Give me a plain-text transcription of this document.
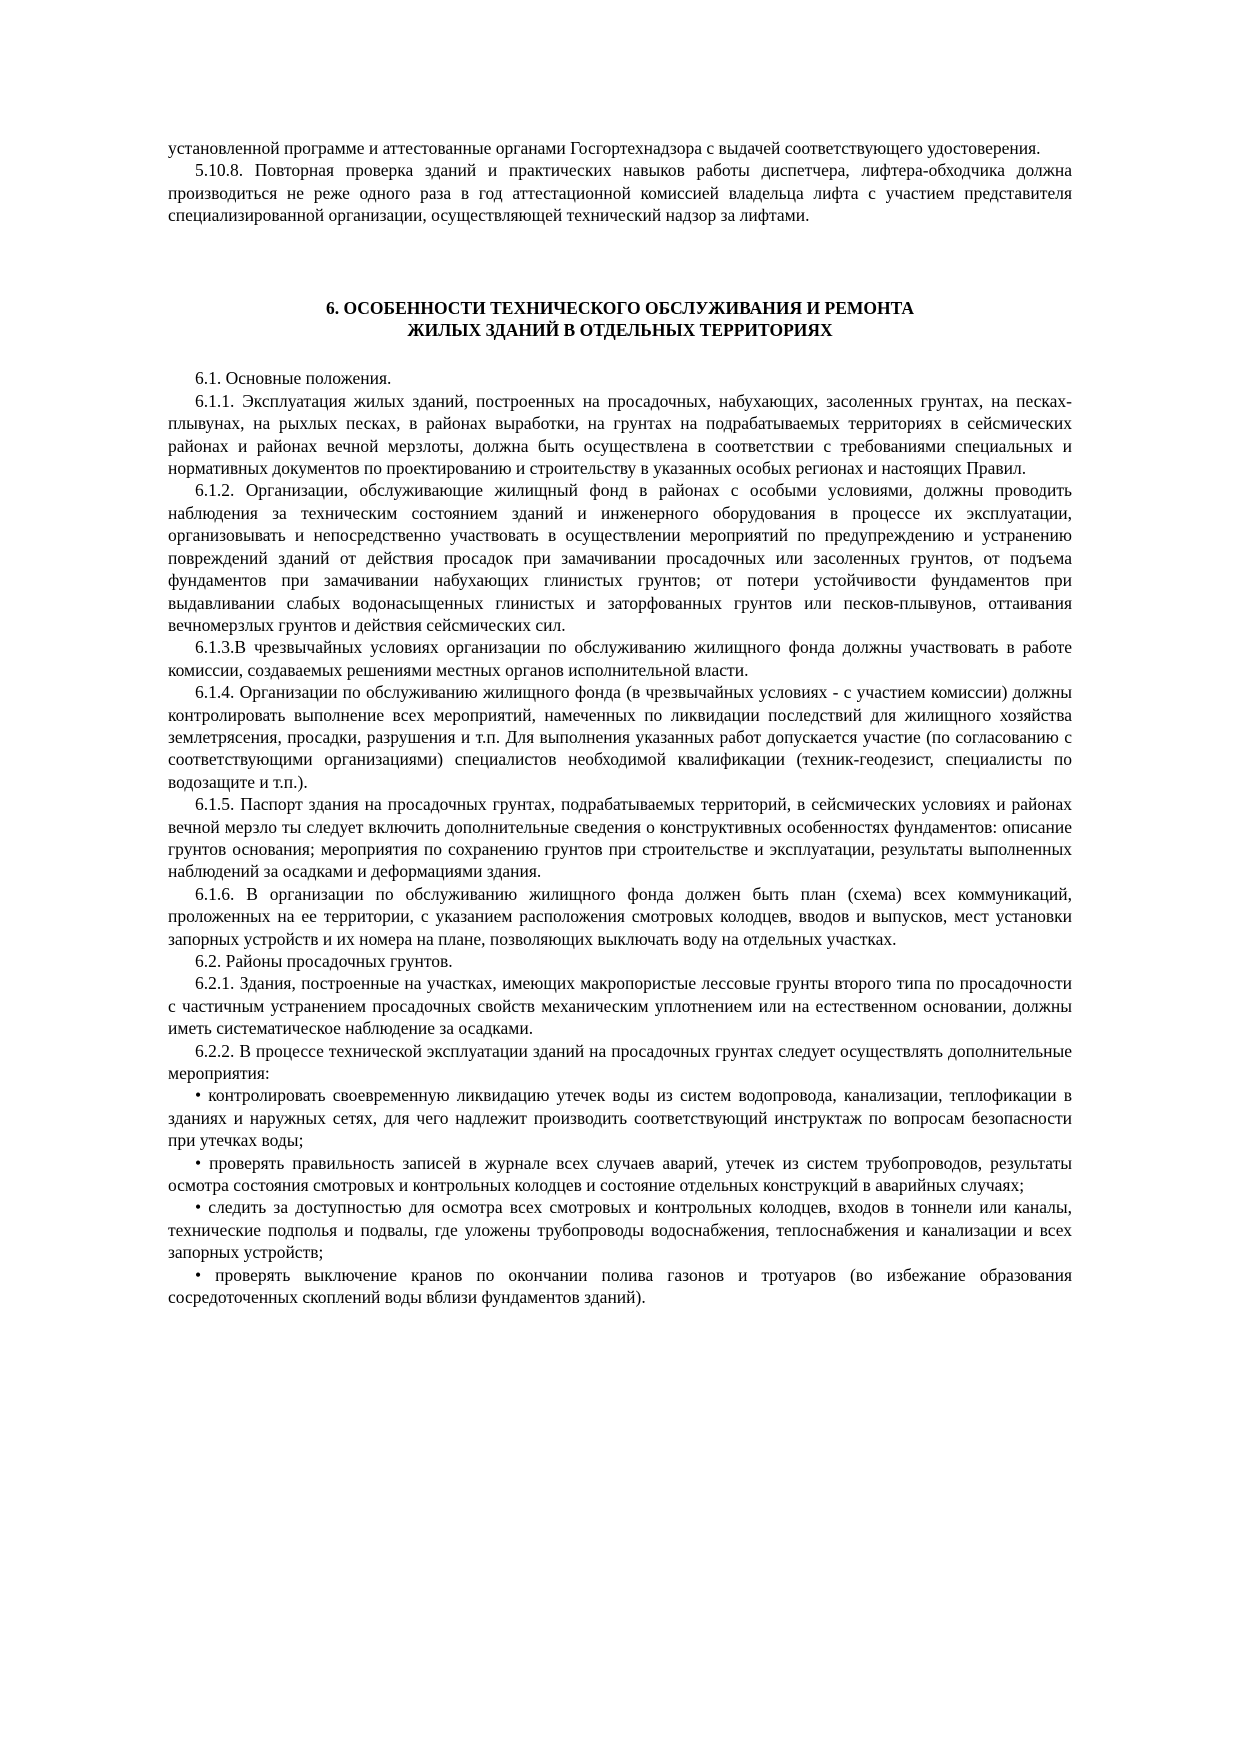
установленной программе и аттестованные органами Госгортехнадзора с выдачей соответствующего удостоверения.

5.10.8. Повторная проверка зданий и практических навыков работы диспетчера, лифтера-обходчика должна производиться не реже одного раза в год аттестационной комиссией владельца лифта с участием представителя специализированной организации, осуществляющей технический надзор за лифтами.

6. ОСОБЕННОСТИ ТЕХНИЧЕСКОГО ОБСЛУЖИВАНИЯ И РЕМОНТА

ЖИЛЫХ ЗДАНИЙ В ОТДЕЛЬНЫХ ТЕРРИТОРИЯХ

6.1. Основные положения.

6.1.1. Эксплуатация жилых зданий, построенных на просадочных, набухающих, засоленных грунтах, на песках-плывунах, на рыхлых песках, в районах выработки, на грунтах на подрабатываемых территориях в сейсмических районах и районах вечной мерзлоты, должна быть осуществлена в соответствии с требованиями специальных и нормативных документов по проектированию и строительству в указанных особых регионах и настоящих Правил.

6.1.2. Организации, обслуживающие жилищный фонд в районах с особыми условиями, должны проводить наблюдения за техническим состоянием зданий и инженерного оборудования в процессе их эксплуатации, организовывать и непосредственно участвовать в осуществлении мероприятий по предупреждению и устранению повреждений зданий от действия просадок при замачивании просадочных или засоленных грунтов, от подъема фундаментов при замачивании набухающих глинистых грунтов; от потери устойчивости фундаментов при выдавливании слабых водонасыщенных глинистых и заторфованных грунтов или песков-плывунов, оттаивания вечномерзлых грунтов и действия сейсмических сил.

6.1.3.В чрезвычайных условиях организации по обслуживанию жилищного фонда должны участвовать в работе комиссии, создаваемых решениями местных органов исполнительной власти.

6.1.4. Организации по обслуживанию жилищного фонда (в чрезвычайных условиях - с участием комиссии) должны контролировать выполнение всех мероприятий, намеченных по ликвидации последствий для жилищного хозяйства землетрясения, просадки, разрушения и т.п. Для выполнения указанных работ допускается участие (по согласованию с соответствующими организациями) специалистов необходимой квалификации (техник-геодезист, специалисты по водозащите и т.п.).

6.1.5. Паспорт здания на просадочных грунтах, подрабатываемых территорий, в сейсмических условиях и районах вечной мерзло ты следует включить дополнительные сведения о конструктивных особенностях фундаментов: описание грунтов основания; мероприятия по сохранению грунтов при строительстве и эксплуатации, результаты выполненных наблюдений за осадками и деформациями здания.

6.1.6. В организации по обслуживанию жилищного фонда должен быть план (схема) всех коммуникаций, проложенных на ее территории, с указанием расположения смотровых колодцев, вводов и выпусков, мест установки запорных устройств и их номера на плане, позволяющих выключать воду на отдельных участках.

6.2. Районы просадочных грунтов.

6.2.1. Здания, построенные на участках, имеющих макропористые лессовые грунты второго типа по просадочности с частичным устранением просадочных свойств механическим уплотнением или на естественном основании, должны иметь систематическое наблюдение за осадками.

6.2.2. В процессе технической эксплуатации зданий на просадочных грунтах следует осуществлять дополнительные мероприятия:

• контролировать своевременную ликвидацию утечек воды из систем водопровода, канализации, теплофикации в зданиях и наружных сетях, для чего надлежит производить соответствующий инструктаж по вопросам безопасности при утечках воды;

• проверять правильность записей в журнале всех случаев аварий, утечек из систем трубопроводов, результаты осмотра состояния смотровых и контрольных колодцев и состояние отдельных конструкций в аварийных случаях;

• следить за доступностью для осмотра всех смотровых и контрольных колодцев, входов в тоннели или каналы, технические подполья и подвалы, где уложены трубопроводы водоснабжения, теплоснабжения и канализации и всех запорных устройств;

• проверять выключение кранов по окончании полива газонов и тротуаров (во избежание образования сосредоточенных скоплений воды вблизи фундаментов зданий).
